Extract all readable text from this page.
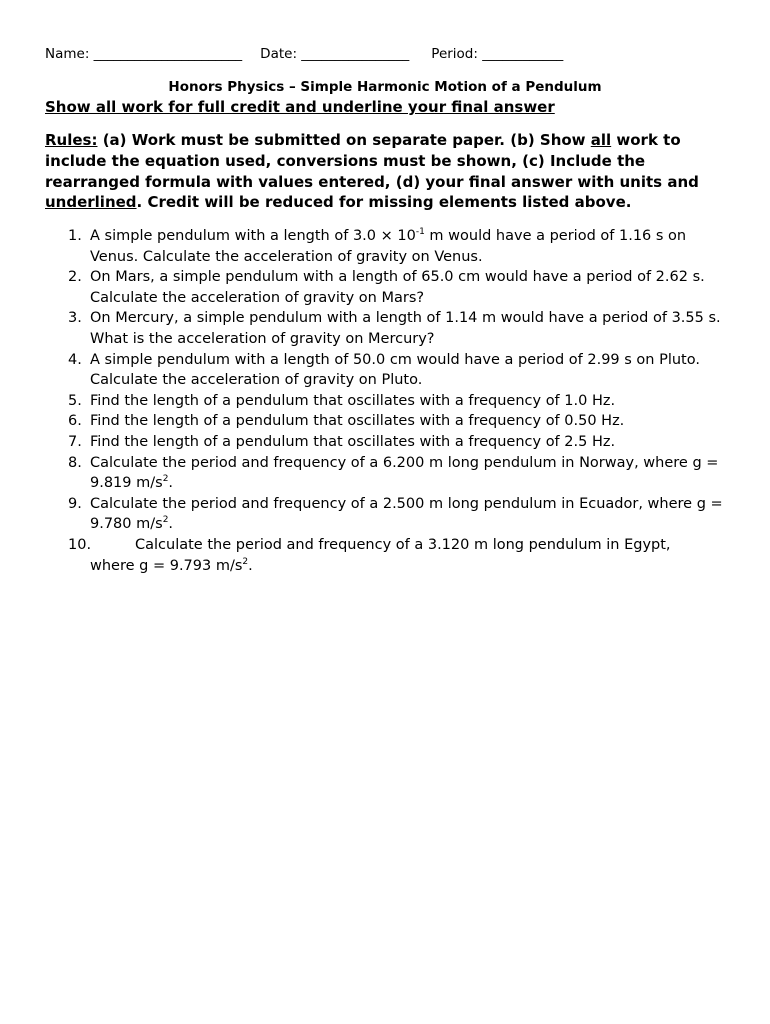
Name: ______________________ Date: ________________ Period: ____________
Honors Physics – Simple Harmonic Motion of a Pendulum
Show all work for full credit and underline your final answer
Rules: (a) Work must be submitted on separate paper. (b) Show all work to include the equation used, conversions must be shown, (c) Include the rearranged formula with values entered, (d) your final answer with units and underlined. Credit will be reduced for missing elements listed above.
1. A simple pendulum with a length of $3.0 \times 10^{-1}$ m would have a period of 1.16 s on Venus. Calculate the acceleration of gravity on Venus.
2. On Mars, a simple pendulum with a length of 65.0 cm would have a period of 2.62 s. Calculate the acceleration of gravity on Mars?
3. On Mercury, a simple pendulum with a length of 1.14 m would have a period of 3.55 s. What is the acceleration of gravity on Mercury?
4. A simple pendulum with a length of 50.0 cm would have a period of 2.99 s on Pluto. Calculate the acceleration of gravity on Pluto.
5. Find the length of a pendulum that oscillates with a frequency of 1.0 Hz.
6. Find the length of a pendulum that oscillates with a frequency of 0.50 Hz.
7. Find the length of a pendulum that oscillates with a frequency of 2.5 Hz.
8. Calculate the period and frequency of a 6.200 m long pendulum in Norway, where g = 9.819 $m/s^2$.
9. Calculate the period and frequency of a 2.500 m long pendulum in Ecuador, where g = 9.780 $m/s^2$.
10.	Calculate the period and frequency of a 3.120 m long pendulum in Egypt,
where g = 9.793 $m/s^2$.
